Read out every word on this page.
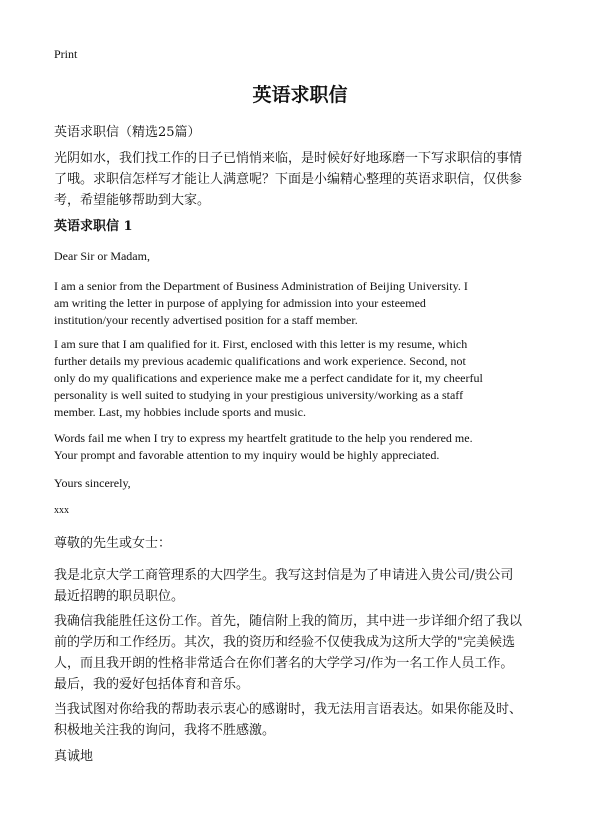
Print
英语求职信
英语求职信（精选25篇）
光阴如水，我们找工作的日子已悄悄来临，是时候好好地琢磨一下写求职信的事情
了哦。求职信怎样写才能让人满意呢？下面是小编精心整理的英语求职信，仅供参
考，希望能够帮助到大家。
英语求职信 1
Dear Sir or Madam,
I am a senior from the Department of Business Administration of Beijing University. I
am writing the letter in purpose of applying for admission into your esteemed
institution/your recently advertised position for a staff member.
I am sure that I am qualified for it. First, enclosed with this letter is my resume, which
further details my previous academic qualifications and work experience. Second, not
only do my qualifications and experience make me a perfect candidate for it, my cheerful
personality is well suited to studying in your prestigious university/working as a staff
member. Last, my hobbies include sports and music.
Words fail me when I try to express my heartfelt gratitude to the help you rendered me.
Your prompt and favorable attention to my inquiry would be highly appreciated.
Yours sincerely,
xxx
尊敬的先生或女士：
我是北京大学工商管理系的大四学生。我写这封信是为了申请进入贵公司/贵公司
最近招聘的职员职位。
我确信我能胜任这份工作。首先，随信附上我的简历，其中进一步详细介绍了我以
前的学历和工作经历。其次，我的资历和经验不仅使我成为这所大学的"完美候选
人，而且我开朗的性格非常适合在你们著名的大学学习/作为一名工作人员工作。
最后，我的爱好包括体育和音乐。
当我试图对你给我的帮助表示衷心的感谢时，我无法用言语表达。如果你能及时、
积极地关注我的询问，我将不胜感激。
真诚地
